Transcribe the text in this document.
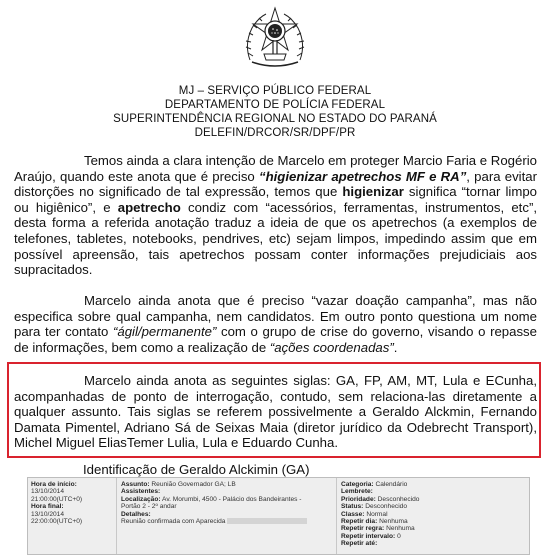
MJ – SERVIÇO PÚBLICO FEDERAL
DEPARTAMENTO DE POLÍCIA FEDERAL
SUPERINTENDÊNCIA REGIONAL NO ESTADO DO PARANÁ
DELEFIN/DRCOR/SR/DPF/PR

Temos ainda a clara intenção de Marcelo em proteger Marcio Faria e Rogério Araújo, quando este anota que é preciso “higienizar apetrechos MF e RA”, para evitar distorções no significado de tal expressão, temos que higienizar significa “tornar limpo ou higiênico”, e apetrecho condiz com “acessórios, ferramentas, instrumentos, etc”, desta forma a referida anotação traduz a ideia de que os apetrechos (a exemplos de telefones, tabletes, notebooks, pendrives, etc) sejam limpos, impedindo assim que em possível apreensão, tais apetrechos possam conter informações prejudiciais aos supracitados.

Marcelo ainda anota que é preciso “vazar doação campanha”, mas não especifica sobre qual campanha, nem candidatos. Em outro ponto questiona um nome para ter contato “ágil/permanente” com o grupo de crise do governo, visando o repasse de informações, bem como a realização de “ações coordenadas”.

Marcelo ainda anota as seguintes siglas: GA, FP, AM, MT, Lula e ECunha, acompanhadas de ponto de interrogação, contudo, sem relaciona-las diretamente a qualquer assunto. Tais siglas se referem possivelmente a Geraldo Alckmin, Fernando Damata Pimentel, Adriano Sá de Seixas Maia (diretor jurídico da Odebrecht Transport), Michel Miguel EliasTemer Lulia, Lula e Eduardo Cunha.

Identificação de Geraldo Alckimin (GA)
Hora de início:
13/10/2014
21:00:00(UTC+0)
Hora final:
13/10/2014
22:00:00(UTC+0)
Assunto: Reunião Governador GA; LB
Assistentes:
Localização: Av. Morumbi, 4500 - Palácio dos Bandeirantes -
Portão 2 - 2º andar
Detalhes:
Reunião confirmada com Aparecida
Categoria: Calendário
Lembrete:
Prioridade: Desconhecido
Status: Desconhecido
Classe: Normal
Repetir dia: Nenhuma
Repetir regra: Nenhuma
Repetir intervalo: 0
Repetir até:
